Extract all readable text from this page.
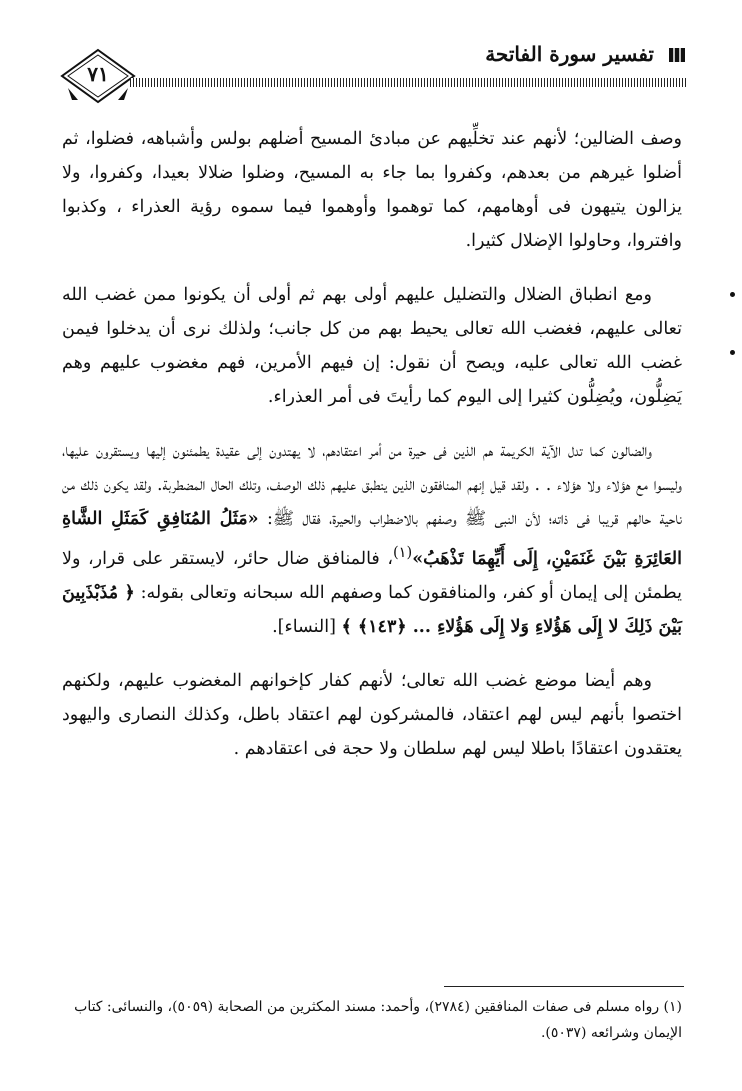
٧١
تفسير سورة الفاتحة

وصف الضالين؛ لأنهم عند تخلِّيهم عن مبادئ المسيح أضلهم بولس وأشباهه، فضلوا، ثم أضلوا غيرهم من بعدهم، وكفروا بما جاء به المسيح، وضلوا ضلالا بعيدا، وكفروا، ولا يزالون يتيهون فى أوهامهم، كما توهموا وأوهموا فيما سموه رؤية العذراء ، وكذبوا وافتروا، وحاولوا الإضلال كثيرا.

ومع انطباق الضلال والتضليل عليهم أولى بهم ثم أولى أن يكونوا ممن غضب الله تعالى عليهم، فغضب الله تعالى يحيط بهم من كل جانب؛ ولذلك نرى أن يدخلوا فيمن غضب الله تعالى عليه، ويصح أن نقول: إن فيهم الأمرين، فهم مغضوب عليهم وهم يَضِلُّون، ويُضِلُّون كثيرا إلى اليوم كما رأيتَ فى أمر العذراء.

والضالون كما تدل الآية الكريمة هم الذين فى حيرة من أمر اعتقادهم، لا يهتدون إلى عقيدة يطمئنون إليها ويستقرون عليها، وليسوا مع هؤلاء ولا هؤلاء . . ولقد قيل إنهم المنافقون الذين ينطبق عليهم ذلك الوصف، وتلك الحال المضطربة. ولقد يكون ذلك من ناحية حالهم قريبا فى ذاته؛ لأن النبى ﷺ وصفهم بالاضطراب والحيرة، فقال ﷺ: «مَثَلُ المُنَافِقِ كَمَثَلِ الشَّاةِ العَائِرَةِ بَيْنَ غَنَمَيْنِ، إِلَى أَيِّهِمَا تَذْهَبُ»$^{(١)}$، فالمنافق ضال حائر، لايستقر على قرار، ولا يطمئن إلى إيمان أو كفر، والمنافقون كما وصفهم الله سبحانه وتعالى بقوله: ﴿ مُذَبْذَبِينَ بَيْنَ ذَلِكَ لا إِلَى هَؤُلاءِ وَلا إِلَى هَؤُلاءِ ... ﴿١٤٣﴾ ﴾ [النساء].

وهم أيضا موضع غضب الله تعالى؛ لأنهم كفار كإخوانهم المغضوب عليهم، ولكنهم اختصوا بأنهم ليس لهم اعتقاد، فالمشركون لهم اعتقاد باطل، وكذلك النصارى واليهود يعتقدون اعتقادًا باطلا ليس لهم سلطان ولا حجة فى اعتقادهم .

(١) رواه مسلم فى صفات المنافقين (٢٧٨٤)، وأحمد: مسند المكثرين من الصحابة (٥٠٥٩)، والنسائى: كتاب الإيمان وشرائعه (٥٠٣٧).
